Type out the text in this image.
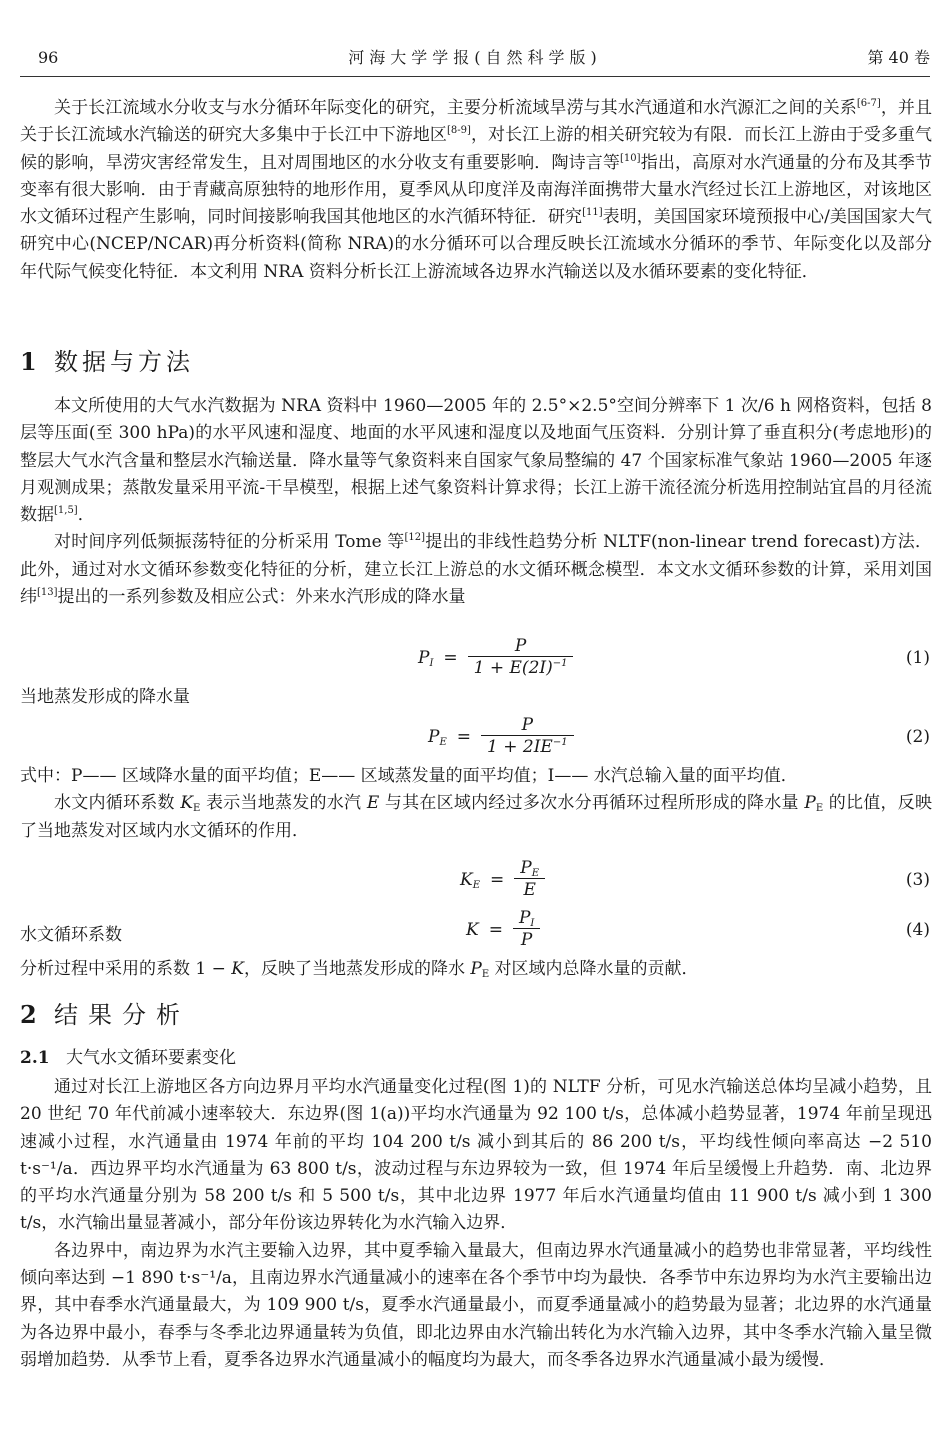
96	河海大学学报(自然科学版)	第 40 卷

关于长江流域水分收支与水分循环年际变化的研究，主要分析流域旱涝与其水汽通道和水汽源汇之间的关系[6-7]，并且关于长江流域水汽输送的研究大多集中于长江中下游地区[8-9]，对长江上游的相关研究较为有限．而长江上游由于受多重气候的影响，旱涝灾害经常发生，且对周围地区的水分收支有重要影响．陶诗言等[10]指出，高原对水汽通量的分布及其季节变率有很大影响．由于青藏高原独特的地形作用，夏季风从印度洋及南海洋面携带大量水汽经过长江上游地区，对该地区水文循环过程产生影响，同时间接影响我国其他地区的水汽循环特征．研究[11]表明，美国国家环境预报中心/美国国家大气研究中心(NCEP/NCAR)再分析资料(简称 NRA)的水分循环可以合理反映长江流域水分循环的季节、年际变化以及部分年代际气候变化特征．本文利用 NRA 资料分析长江上游流域各边界水汽输送以及水循环要素的变化特征．

1 数据与方法

本文所使用的大气水汽数据为 NRA 资料中 1960—2005 年的 2.5°×2.5°空间分辨率下 1 次/6 h 网格资料，包括 8 层等压面(至 300 hPa)的水平风速和湿度、地面的水平风速和湿度以及地面气压资料．分别计算了垂直积分(考虑地形)的整层大气水汽含量和整层水汽输送量．降水量等气象资料来自国家气象局整编的 47 个国家标准气象站 1960—2005 年逐月观测成果；蒸散发量采用平流-干旱模型，根据上述气象资料计算求得；长江上游干流径流分析选用控制站宜昌的月径流数据[1,5]．

对时间序列低频振荡特征的分析采用 Tome 等[12]提出的非线性趋势分析 NLTF(non-linear trend forecast)方法．此外，通过对水文循环参数变化特征的分析，建立长江上游总的水文循环概念模型．本文水文循环参数的计算，采用刘国纬[13]提出的一系列参数及相应公式：外来水汽形成的降水量

$P_I = \frac{P}{1 + E(2I)^{-1}}$	(1)

当地蒸发形成的降水量

$P_E = \frac{P}{1 + 2IE^{-1}}$	(2)

式中：P—— 区域降水量的面平均值；E—— 区域蒸发量的面平均值；I—— 水汽总输入量的面平均值．

水文内循环系数 $K_E$ 表示当地蒸发的水汽 E 与其在区域内经过多次水分再循环过程所形成的降水量 $P_E$ 的比值，反映了当地蒸发对区域内水文循环的作用．

$K_E = \frac{P_E}{E}$	(3)
水文循环系数	$K = \frac{P_I}{P}$	(4)

分析过程中采用的系数 1 − K，反映了当地蒸发形成的降水 $P_E$ 对区域内总降水量的贡献．

2 结果分析
2.1 大气水文循环要素变化

通过对长江上游地区各方向边界月平均水汽通量变化过程(图 1)的 NLTF 分析，可见水汽输送总体均呈减小趋势，且 20 世纪 70 年代前减小速率较大．东边界(图 1(a))平均水汽通量为 92 100 t/s，总体减小趋势显著，1974 年前呈现迅速减小过程，水汽通量由 1974 年前的平均 104 200 t/s 减小到其后的 86 200 t/s，平均线性倾向率高达 −2 510 t·s⁻¹/a．西边界平均水汽通量为 63 800 t/s，波动过程与东边界较为一致，但 1974 年后呈缓慢上升趋势．南、北边界的平均水汽通量分别为 58 200 t/s 和 5 500 t/s，其中北边界 1977 年后水汽通量均值由 11 900 t/s 减小到 1 300 t/s，水汽输出量显著减小，部分年份该边界转化为水汽输入边界．

各边界中，南边界为水汽主要输入边界，其中夏季输入量最大，但南边界水汽通量减小的趋势也非常显著，平均线性倾向率达到 −1 890 t·s⁻¹/a，且南边界水汽通量减小的速率在各个季节中均为最快．各季节中东边界均为水汽主要输出边界，其中春季水汽通量最大，为 109 900 t/s，夏季水汽通量最小，而夏季通量减小的趋势最为显著；北边界的水汽通量为各边界中最小，春季与冬季北边界通量转为负值，即北边界由水汽输出转化为水汽输入边界，其中冬季水汽输入量呈微弱增加趋势．从季节上看，夏季各边界水汽通量减小的幅度均为最大，而冬季各边界水汽通量减小最为缓慢．
